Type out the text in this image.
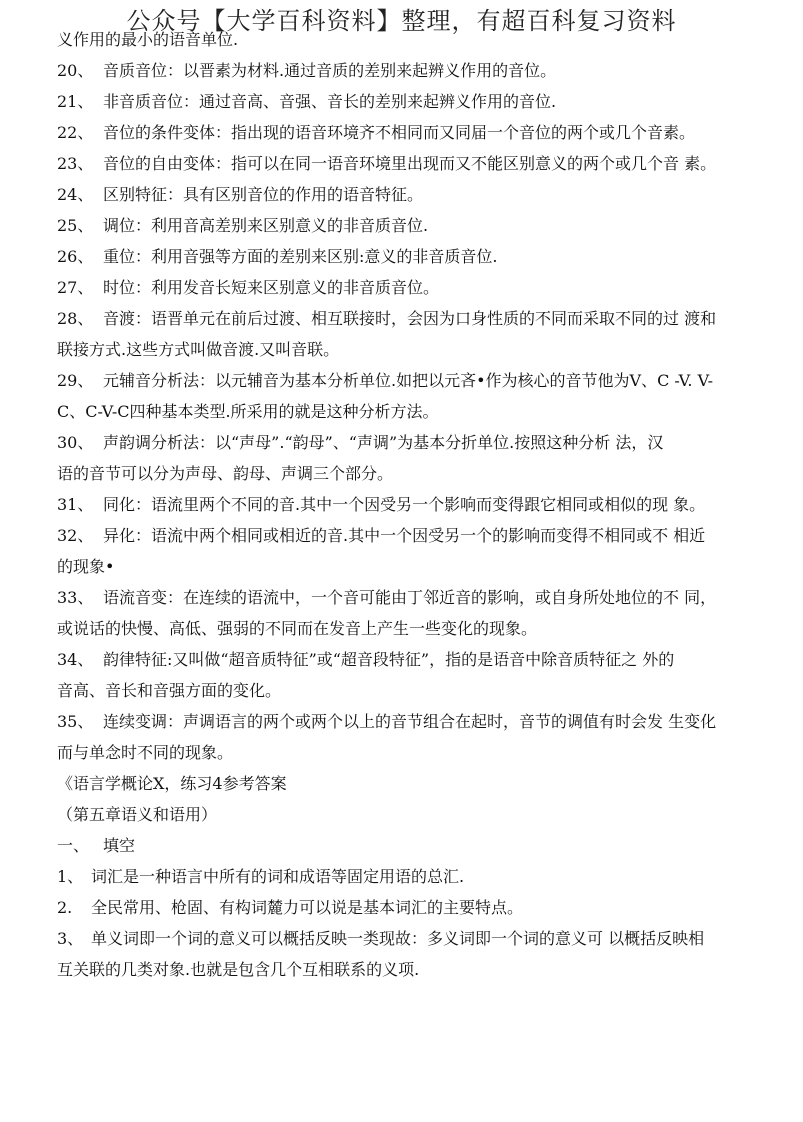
公众号【大学百科资料】整理，有超百科复习资料
义作用的最小的语音单位.
20、 音质音位：以晋素为材料.通过音质的差别来起辨义作用的音位。
21、 非音质音位：通过音高、音强、音长的差别来起辨义作用的音位.
22、 音位的条件变体：指出现的语音环境齐不相同而又同届一个音位的两个或几个音素。
23、 音位的自由变体：指可以在同一语音环境里出现而又不能区别意义的两个或几个音 素。
24、 区别特征：具有区别音位的作用的语音特征。
25、 调位：利用音高差别来区别意义的非音质音位.
26、 重位：利用音强等方面的差别来区别:意义的非音质音位.
27、 时位：利用发音长短来区别意义的非音质音位。
28、 音渡：语晋单元在前后过渡、相互联接时，会因为口身性质的不同而采取不同的过 渡和
联接方式.这些方式叫做音渡.又叫音联。
29、 元辅音分析法：以元辅音为基本分析单位.如把以元吝•作为核心的音节他为V、C -V. V-
C、C-V-C四种基本类型.所采用的就是这种分析方法。
30、 声韵调分析法：以“声母”.“韵母”、“声调”为基本分折单位.按照这种分析 法，汉
语的音节可以分为声母、韵母、声调三个部分。
31、 同化：语流里两个不同的音.其中一个因受另一个影响而变得跟它相同或相似的现 象。
32、 异化：语流中两个相同或相近的音.其中一个因受另一个的影响而变得不相同或不 相近
的现象•
33、 语流音变：在连续的语流中，一个音可能由丁邻近音的影响，或自身所处地位的不 同，
或说话的快慢、高低、强弱的不同而在发音上产生一些变化的现象。
34、 韵律特征:又叫做“超音质特征”或“超音段特征”，指的是语音中除音质特征之 外的
音高、音长和音强方面的变化。
35、 连续变调：声调语言的两个或两个以上的音节组合在起时，音节的调值有时会发 生变化
而与单念时不同的现象。
《语言学概论X，练习4参考答案
（第五章语义和语用）
一、 填空
1、 词汇是一种语言中所有的词和成语等固定用语的总汇.
2. 全民常用、枪固、有构词麓力可以说是基本词汇的主要特点。
3、 单义词即一个词的意义可以概括反映一类现故：多义词即一个词的意义可 以概括反映相
互关联的几类对象.也就是包含几个互相联系的义项.
